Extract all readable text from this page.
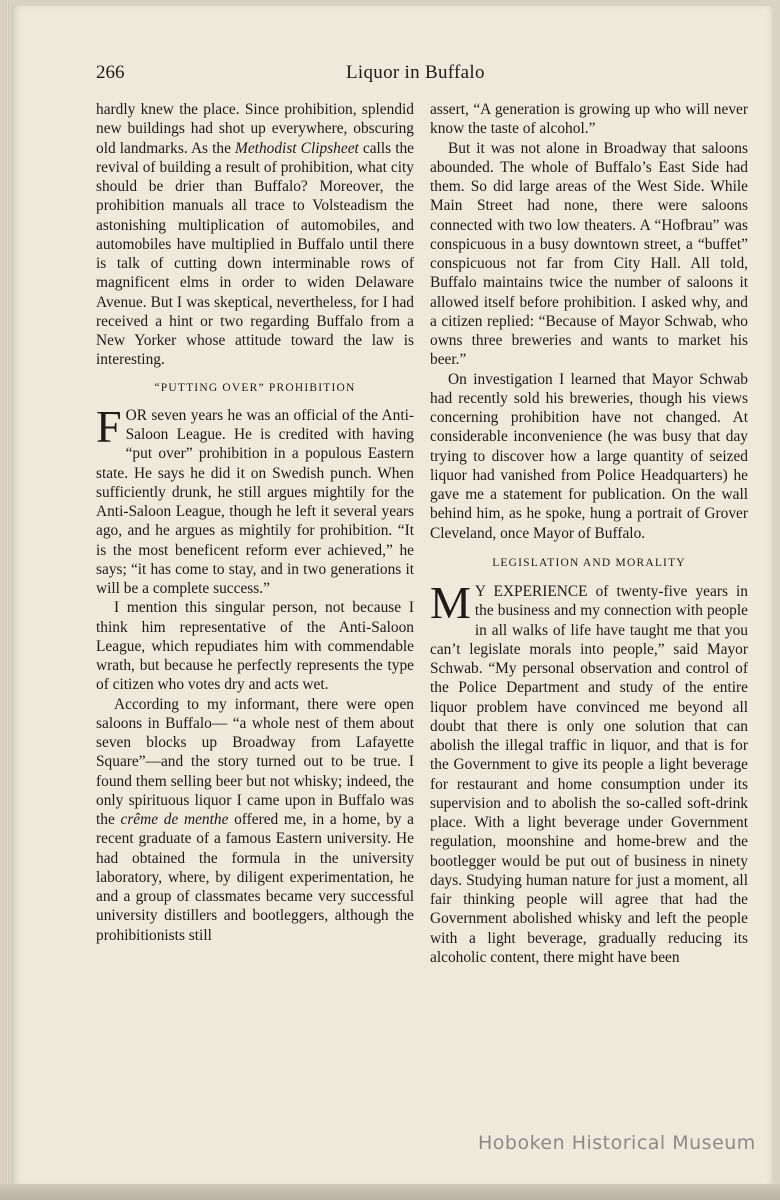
266	Liquor in Buffalo

hardly knew the place. Since prohibition, splendid new buildings had shot up everywhere, obscuring old landmarks. As the Methodist Clipsheet calls the revival of building a result of prohibition, what city should be drier than Buffalo? Moreover, the prohibition manuals all trace to Volsteadism the astonishing multiplication of automobiles, and automobiles have multiplied in Buffalo until there is talk of cutting down interminable rows of magnificent elms in order to widen Delaware Avenue. But I was skeptical, nevertheless, for I had received a hint or two regarding Buffalo from a New Yorker whose attitude toward the law is interesting.

“PUTTING OVER” PROHIBITION

FOR seven years he was an official of the Anti-Saloon League. He is credited with having “put over” prohibition in a populous Eastern state. He says he did it on Swedish punch. When sufficiently drunk, he still argues mightily for the Anti-Saloon League, though he left it several years ago, and he argues as mightily for prohibition. “It is the most beneficent reform ever achieved,” he says; “it has come to stay, and in two generations it will be a complete success.”

I mention this singular person, not because I think him representative of the Anti-Saloon League, which repudiates him with commendable wrath, but because he perfectly represents the type of citizen who votes dry and acts wet.

According to my informant, there were open saloons in Buffalo— “a whole nest of them about seven blocks up Broadway from Lafayette Square”—and the story turned out to be true. I found them selling beer but not whisky; indeed, the only spirituous liquor I came upon in Buffalo was the crême de menthe offered me, in a home, by a recent graduate of a famous Eastern university. He had obtained the formula in the university laboratory, where, by diligent experimentation, he and a group of classmates became very successful university distillers and bootleggers, although the prohibitionists still

assert, “A generation is growing up who will never know the taste of alcohol.”

But it was not alone in Broadway that saloons abounded. The whole of Buffalo’s East Side had them. So did large areas of the West Side. While Main Street had none, there were saloons connected with two low theaters. A “Hofbrau” was conspicuous in a busy downtown street, a “buffet” conspicuous not far from City Hall. All told, Buffalo maintains twice the number of saloons it allowed itself before prohibition. I asked why, and a citizen replied: “Because of Mayor Schwab, who owns three breweries and wants to market his beer.”

On investigation I learned that Mayor Schwab had recently sold his breweries, though his views concerning prohibition have not changed. At considerable inconvenience (he was busy that day trying to discover how a large quantity of seized liquor had vanished from Police Headquarters) he gave me a statement for publication. On the wall behind him, as he spoke, hung a portrait of Grover Cleveland, once Mayor of Buffalo.

LEGISLATION AND MORALITY

M Y EXPERIENCE of twenty-five years in the business and my connection with people in all walks of life have taught me that you can’t legislate morals into people,” said Mayor Schwab. “My personal observation and control of the Police Department and study of the entire liquor problem have convinced me beyond all doubt that there is only one solution that can abolish the illegal traffic in liquor, and that is for the Government to give its people a light beverage for restaurant and home consumption under its supervision and to abolish the so-called soft-drink place. With a light beverage under Government regulation, moonshine and home-brew and the bootlegger would be put out of business in ninety days. Studying human nature for just a moment, all fair thinking people will agree that had the Government abolished whisky and left the people with a light beverage, gradually reducing its alcoholic content, there might have been

Hoboken Historical Museum
